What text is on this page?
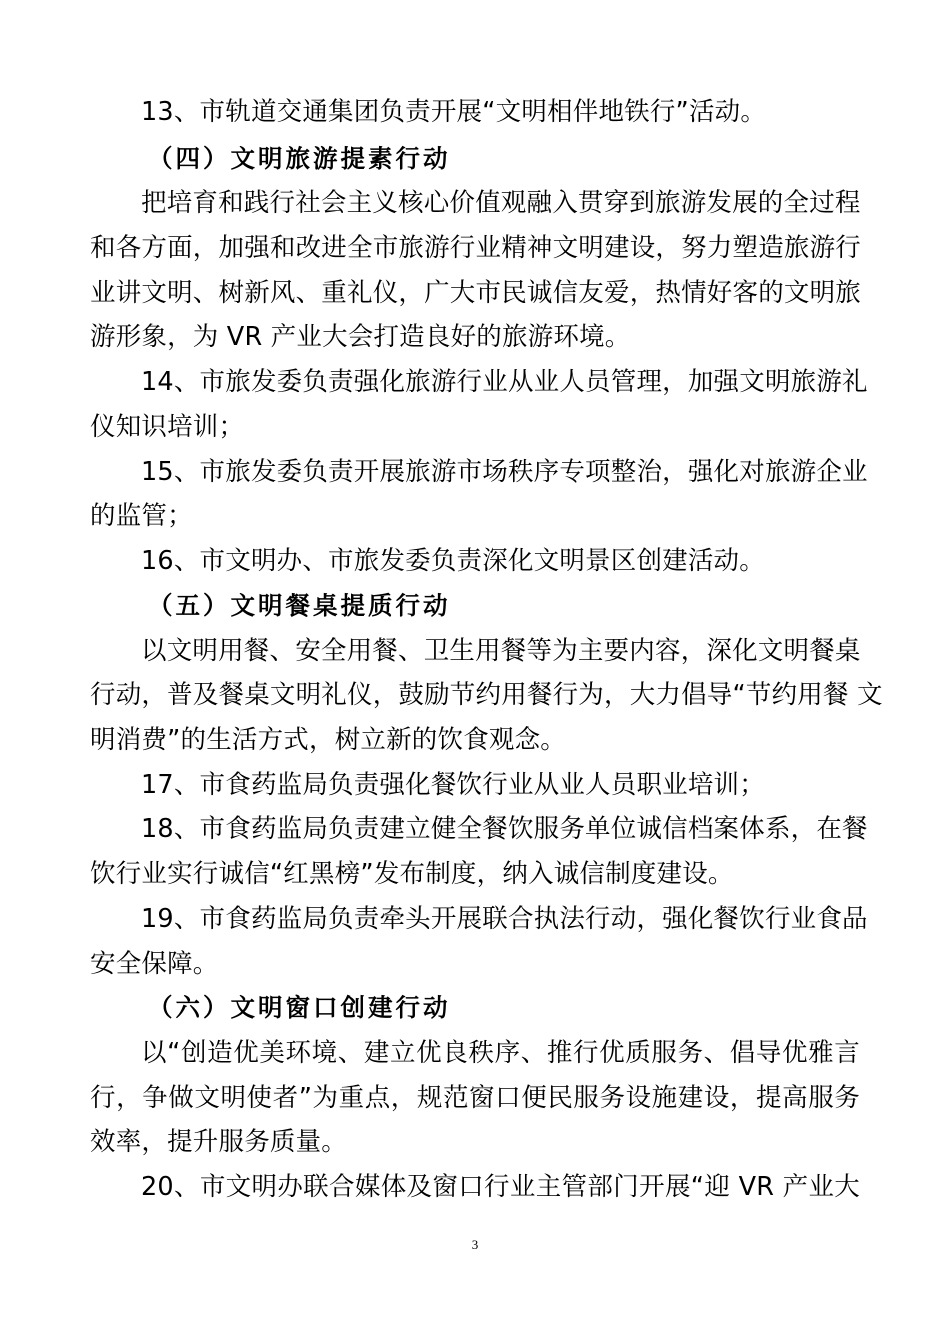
13、市轨道交通集团负责开展“文明相伴地铁行”活动。
（四）文明旅游提素行动
把培育和践行社会主义核心价值观融入贯穿到旅游发展的全过程
和各方面，加强和改进全市旅游行业精神文明建设，努力塑造旅游行
业讲文明、树新风、重礼仪，广大市民诚信友爱，热情好客的文明旅
游形象，为 VR 产业大会打造良好的旅游环境。
14、市旅发委负责强化旅游行业从业人员管理，加强文明旅游礼
仪知识培训；
15、市旅发委负责开展旅游市场秩序专项整治，强化对旅游企业
的监管；
16、市文明办、市旅发委负责深化文明景区创建活动。
（五）文明餐桌提质行动
以文明用餐、安全用餐、卫生用餐等为主要内容，深化文明餐桌
行动，普及餐桌文明礼仪，鼓励节约用餐行为，大力倡导“节约用餐 文
明消费”的生活方式，树立新的饮食观念。
17、市食药监局负责强化餐饮行业从业人员职业培训；
18、市食药监局负责建立健全餐饮服务单位诚信档案体系，在餐
饮行业实行诚信“红黑榜”发布制度，纳入诚信制度建设。
19、市食药监局负责牵头开展联合执法行动，强化餐饮行业食品
安全保障。
（六）文明窗口创建行动
以“创造优美环境、建立优良秩序、推行优质服务、倡导优雅言
行，争做文明使者”为重点，规范窗口便民服务设施建设，提高服务
效率，提升服务质量。
20、市文明办联合媒体及窗口行业主管部门开展“迎 VR 产业大
3
